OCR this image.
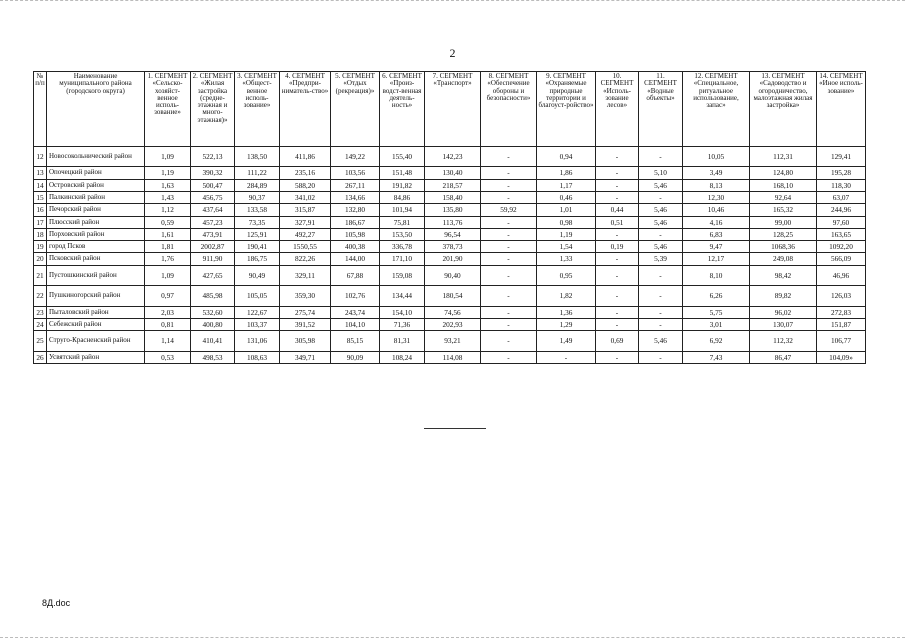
2
№ п/п	Наименование муниципального района (городского округа)	1. СЕГМЕНТ «Сельско-хозяйст-венное исполь-зование»	2. СЕГМЕНТ «Жилая застройка (средне-этажная и много-этажная)»	3. СЕГМЕНТ «Общест-венное исполь-зование»	4. СЕГМЕНТ «Предпри-ниматель-ство»	5. СЕГМЕНТ «Отдых (рекреация)»	6. СЕГМЕНТ «Произ-водст-венная деятель-ность»	7. СЕГМЕНТ «Транспорт»	8. СЕГМЕНТ «Обеспечение обороны и безопасности»	9. СЕГМЕНТ «Охраняемые природные территории и благоуст-ройство»	10. СЕГМЕНТ «Исполь-зование лесов»	11. СЕГМЕНТ «Водные объекты»	12. СЕГМЕНТ «Специальное, ритуальное использование, запас»	13. СЕГМЕНТ «Садоводство и огородничество, малоэтажная жилая застройка»	14. СЕГМЕНТ «Иное исполь-зование»
12	Новосокольнический район	1,09	522,13	138,50	411,86	149,22	155,40	142,23	-	0,94	-	-	10,05	112,31	129,41
13	Опочецкий район	1,19	390,32	111,22	235,16	103,56	151,48	130,40	-	1,86	-	5,10	3,49	124,80	195,28
14	Островский район	1,63	500,47	284,89	588,20	267,11	191,82	218,57	-	1,17	-	5,46	8,13	168,10	118,30
15	Палкинский район	1,43	456,75	90,37	341,02	134,66	84,86	158,40	-	0,46	-	-	12,30	92,64	63,07
16	Печорский район	1,12	437,64	133,58	315,87	132,80	101,94	135,80	59,92	1,01	0,44	5,46	10,46	165,32	244,96
17	Плюсский район	0,59	457,23	73,35	327,91	186,67	75,81	113,76	-	0,98	0,51	5,46	4,16	99,00	97,60
18	Порховский район	1,61	473,91	125,91	492,27	105,98	153,50	96,54	-	1,19	-	-	6,83	128,25	163,65
19	город Псков	1,81	2002,87	190,41	1550,55	400,38	336,78	378,73	-	1,54	0,19	5,46	9,47	1068,36	1092,20
20	Псковский район	1,76	911,90	186,75	822,26	144,00	171,10	201,90	-	1,33	-	5,39	12,17	249,08	566,09
21	Пустошкинский район	1,09	427,65	90,49	329,11	67,88	159,08	90,40	-	0,95	-	-	8,10	98,42	46,96
22	Пушкиногорский район	0,97	485,98	105,05	359,30	102,76	134,44	180,54	-	1,82	-	-	6,26	89,82	126,03
23	Пыталовский район	2,03	532,60	122,67	275,74	243,74	154,10	74,56	-	1,36	-	-	5,75	96,02	272,83
24	Себежский район	0,81	400,80	103,37	391,52	104,10	71,36	202,93	-	1,29	-	-	3,01	130,07	151,87
25	Струго-Красненский район	1,14	410,41	131,06	305,98	85,15	81,31	93,21	-	1,49	0,69	5,46	6,92	112,32	106,77
26	Усвятский район	0,53	498,53	108,63	349,71	90,09	108,24	114,08	-	-	-	-	7,43	86,47	104,09»
8Д.doc
